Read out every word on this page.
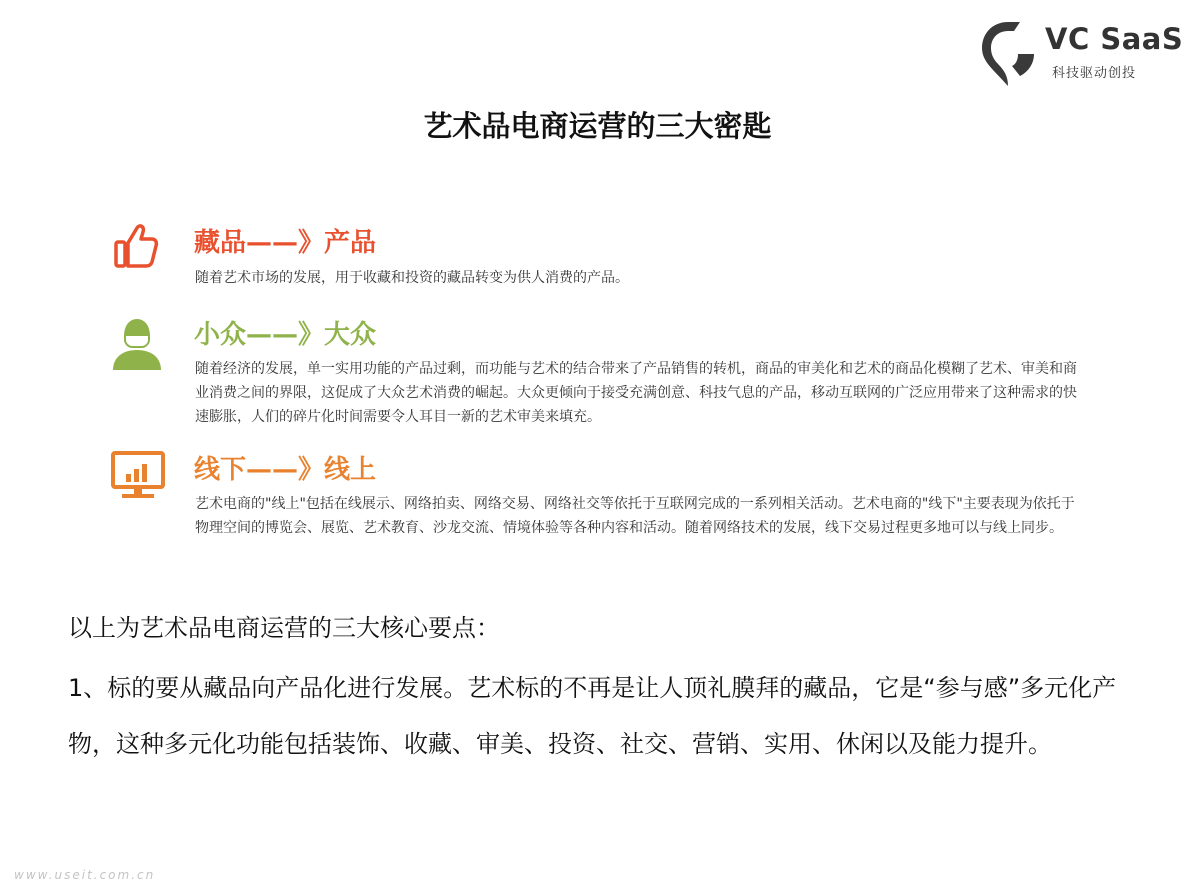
VC SaaS
科技驱动创投
艺术品电商运营的三大密匙
藏品——》产品
随着艺术市场的发展，用于收藏和投资的藏品转变为供人消费的产品。
小众——》大众
随着经济的发展，单一实用功能的产品过剩，而功能与艺术的结合带来了产品销售的转机，商品的审美化和艺术的商品化模糊了艺术、审美和商业消费之间的界限，这促成了大众艺术消费的崛起。大众更倾向于接受充满创意、科技气息的产品，移动互联网的广泛应用带来了这种需求的快速膨胀，人们的碎片化时间需要令人耳目一新的艺术审美来填充。
线下——》线上
艺术电商的"线上"包括在线展示、网络拍卖、网络交易、网络社交等依托于互联网完成的一系列相关活动。艺术电商的"线下"主要表现为依托于物理空间的博览会、展览、艺术教育、沙龙交流、情境体验等各种内容和活动。随着网络技术的发展，线下交易过程更多地可以与线上同步。
以上为艺术品电商运营的三大核心要点：
1、标的要从藏品向产品化进行发展。艺术标的不再是让人顶礼膜拜的藏品，它是“参与感”多元化产物，这种多元化功能包括装饰、收藏、审美、投资、社交、营销、实用、休闲以及能力提升。
www.useit.com.cn
